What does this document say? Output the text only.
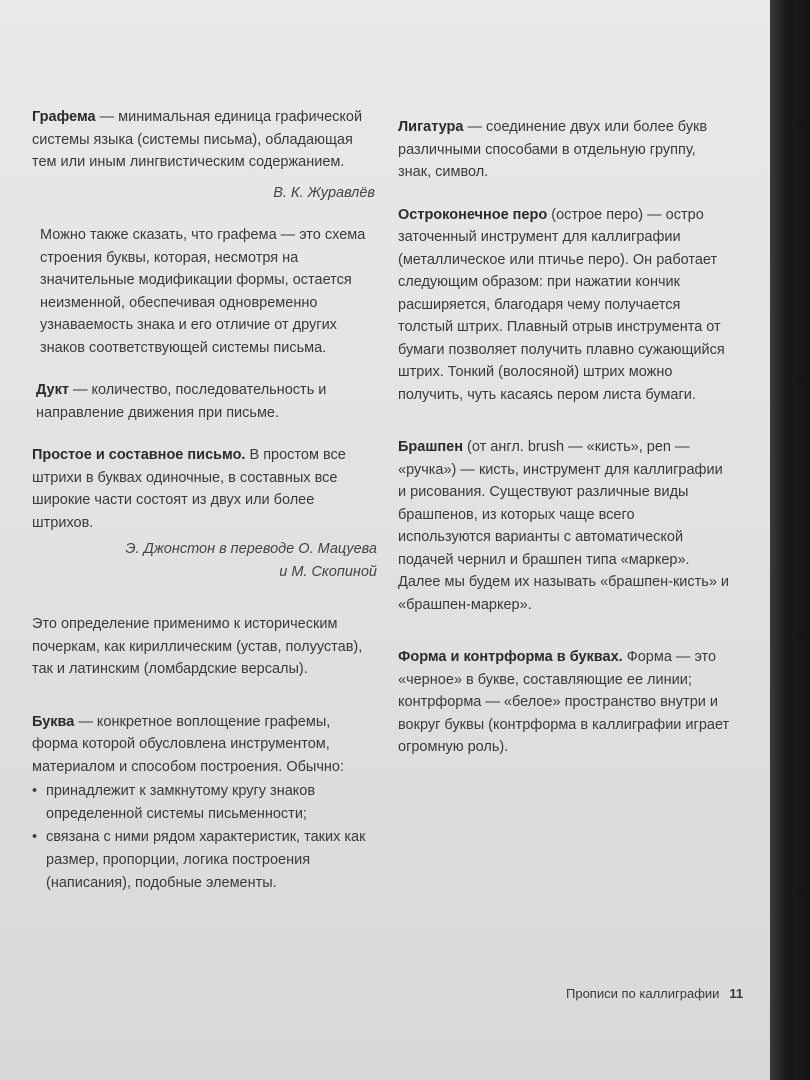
Графема — минимальная единица графической системы языка (системы письма), обладающая тем или иным лингвистическим содержанием.

В. К. Журавлёв

Можно также сказать, что графема — это схема строения буквы, которая, несмотря на значительные модификации формы, остается неизменной, обеспечивая одновременно узнаваемость знака и его отличие от других знаков соответствующей системы письма.

Дукт — количество, последовательность и направление движения при письме.

Простое и составное письмо. В простом все штрихи в буквах одиночные, в составных все широкие части состоят из двух или более штрихов.

Э. Джонстон в переводе О. Мацуева
и М. Скопиной

Это определение применимо к историческим почеркам, как кириллическим (устав, полуустав), так и латинским (ломбардские версалы).

Буква — конкретное воплощение графемы, форма которой обусловлена инструментом, материалом и способом построения. Обычно:

• принадлежит к замкнутому кругу знаков определенной системы письменности;
• связана с ними рядом характеристик, таких как размер, пропорции, логика построения (написания), подобные элементы.

Лигатура — соединение двух или более букв различными способами в отдельную группу, знак, символ.

Остроконечное перо (острое перо) — остро заточенный инструмент для каллиграфии (металлическое или птичье перо). Он работает следующим образом: при нажатии кончик расширяется, благодаря чему получается толстый штрих. Плавный отрыв инструмента от бумаги позволяет получить плавно сужающийся штрих. Тонкий (волосяной) штрих можно получить, чуть касаясь пером листа бумаги.

Брашпен (от англ. brush — «кисть», pen — «ручка») — кисть, инструмент для каллиграфии и рисования. Существуют различные виды брашпенов, из которых чаще всего используются варианты с автоматической подачей чернил и брашпен типа «маркер». Далее мы будем их называть «брашпен-кисть» и «брашпен-маркер».

Форма и контрформа в буквах. Форма — это «черное» в букве, составляющие ее линии; контрформа — «белое» пространство внутри и вокруг буквы (контрформа в каллиграфии играет огромную роль).

Прописи по каллиграфии 11
